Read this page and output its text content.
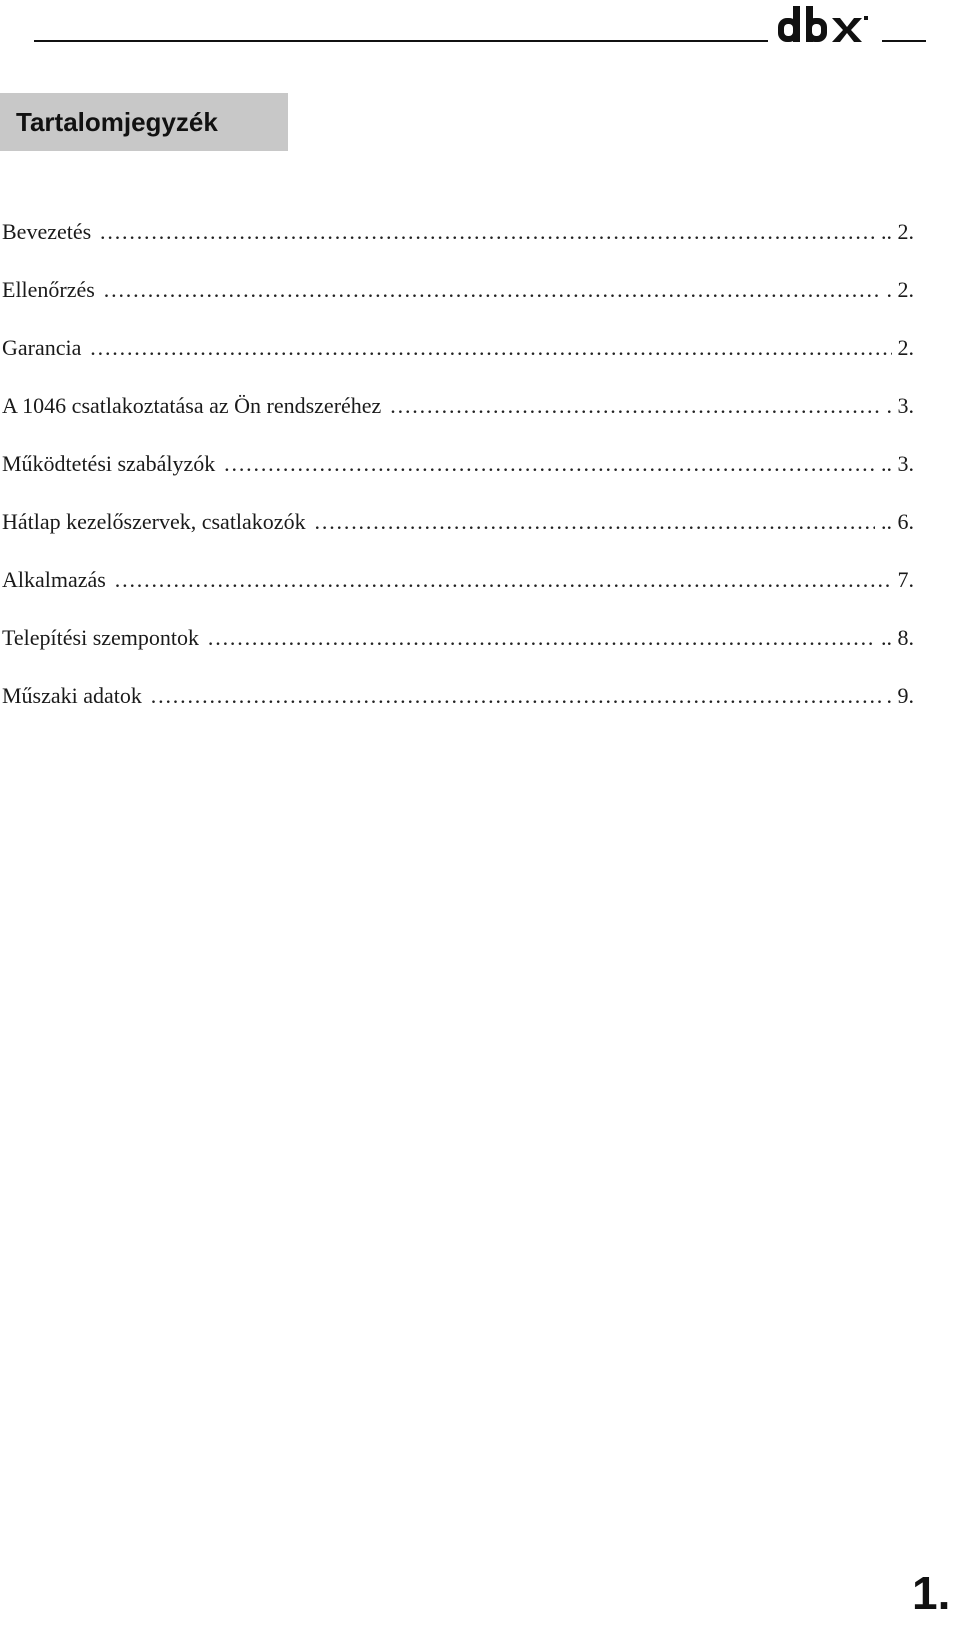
Tartalomjegyzék
Bevezetés ……………………………………………………………………………………………………………………………………………………………………………………………	.. 2.
Ellenőrzés ……………………………………………………………………………………………………………………………………………………………………………………………	. 2.
Garancia ……………………………………………………………………………………………………………………………………………………………………………………………	2.
A 1046 csatlakoztatása az Ön rendszeréhez ……………………………………………………………………………………………………………………………………………………………………………………………	. 3.
Működtetési szabályzók ……………………………………………………………………………………………………………………………………………………………………………………………	.. 3.
Hátlap kezelőszervek, csatlakozók ……………………………………………………………………………………………………………………………………………………………………………………………	.. 6.
Alkalmazás ……………………………………………………………………………………………………………………………………………………………………………………………	7.
Telepítési szempontok ……………………………………………………………………………………………………………………………………………………………………………………………	.. 8.
Műszaki adatok ……………………………………………………………………………………………………………………………………………………………………………………………	. 9.
1.
